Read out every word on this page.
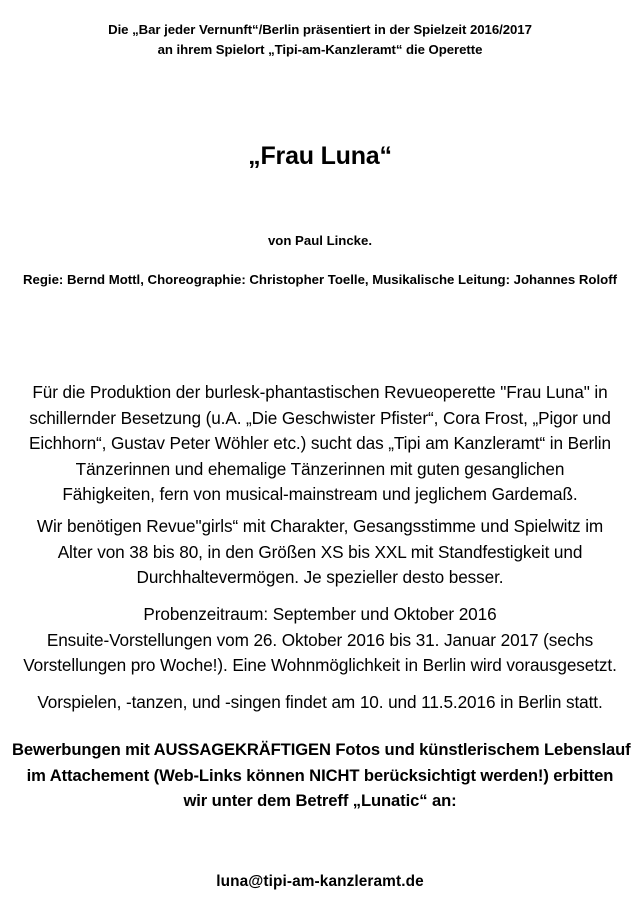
Die „Bar jeder Vernunft“/Berlin präsentiert in der Spielzeit 2016/2017
an ihrem Spielort „Tipi-am-Kanzleramt“ die Operette
„Frau Luna“
von Paul Lincke.
Regie: Bernd Mottl, Choreographie: Christopher Toelle, Musikalische Leitung: Johannes Roloff
Für die Produktion der burlesk-phantastischen Revueoperette "Frau Luna" in
schillernder Besetzung (u.A. „Die Geschwister Pfister“, Cora Frost, „Pigor und
Eichhorn“, Gustav Peter Wöhler etc.) sucht das „Tipi am Kanzleramt“ in Berlin
Tänzerinnen und ehemalige Tänzerinnen mit guten gesanglichen
Fähigkeiten, fern von musical-mainstream und jeglichem Gardemaß.
Wir benötigen Revue"girls“ mit Charakter, Gesangsstimme und Spielwitz im
Alter von 38 bis 80, in den Größen XS bis XXL mit Standfestigkeit und
Durchhaltevermögen. Je spezieller desto besser.
Probenzeitraum: September und Oktober 2016
Ensuite-Vorstellungen vom 26. Oktober 2016 bis 31. Januar 2017 (sechs
Vorstellungen pro Woche!). Eine Wohnmöglichkeit in Berlin wird vorausgesetzt.
Vorspielen, -tanzen, und -singen findet am 10. und 11.5.2016 in Berlin statt.
Bewerbungen mit AUSSAGEKRÄFTIGEN Fotos und künstlerischem Lebenslauf
im Attachement (Web-Links können NICHT berücksichtigt werden!) erbitten
wir unter dem Betreff „Lunatic“ an:
luna@tipi-am-kanzleramt.de
